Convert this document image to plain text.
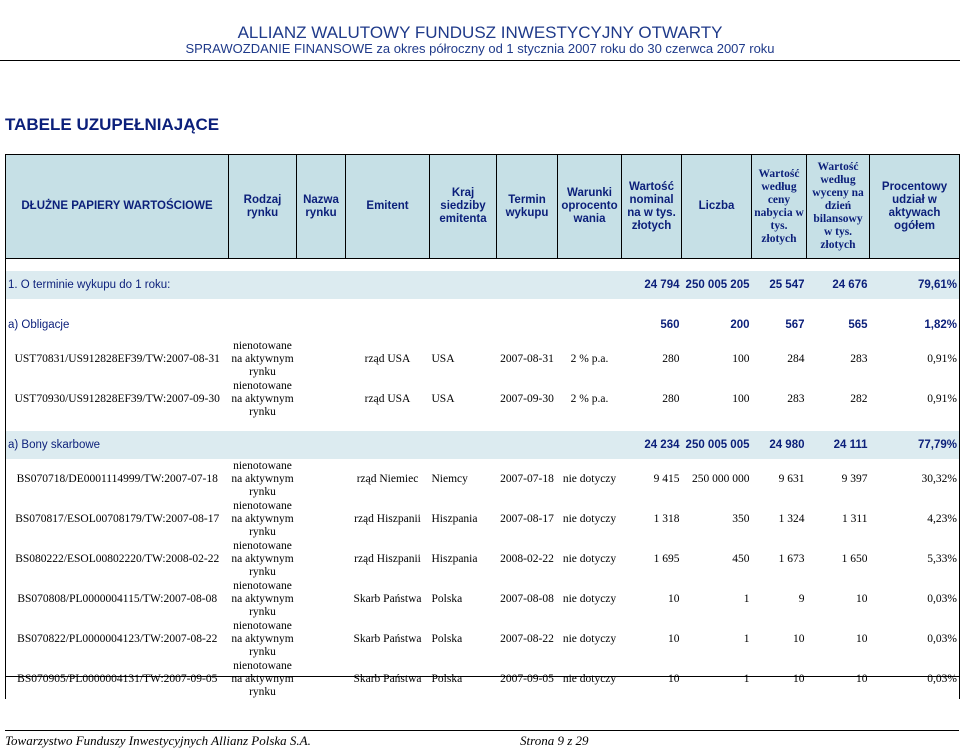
ALLIANZ WALUTOWY FUNDUSZ INWESTYCYJNY OTWARTY
SPRAWOZDANIE FINANSOWE za okres półroczny od 1 stycznia 2007 roku do 30 czerwca 2007 roku
TABELE UZUPEŁNIAJĄCE
DŁUŻNE PAPIERY WARTOŚCIOWE	Rodzaj rynku	Nazwa rynku	Emitent	Kraj siedziby emitenta	Termin wykupu	Warunki oprocento wania	Wartość nominal na w tys. złotych	Liczba	Wartość według ceny nabycia w tys. złotych	Wartość według wyceny na dzień bilansowy w tys. złotych	Procentowy udział w aktywach ogółem

1. O terminie wykupu do 1 roku:							24 794	250 005 205	25 547	24 676	79,61%

a) Obligacje							560	200	567	565	1,82%
UST70831/US912828EF39/TW:2007-08-31	nienotowane na aktywnym rynku		rząd USA	USA	2007-08-31	2 % p.a.	280	100	284	283	0,91%
UST70930/US912828EF39/TW:2007-09-30	nienotowane na aktywnym rynku		rząd USA	USA	2007-09-30	2 % p.a.	280	100	283	282	0,91%

a) Bony skarbowe							24 234	250 005 005	24 980	24 111	77,79%
BS070718/DE0001114999/TW:2007-07-18	nienotowane na aktywnym rynku		rząd Niemiec	Niemcy	2007-07-18	nie dotyczy	9 415	250 000 000	9 631	9 397	30,32%
BS070817/ESOL00708179/TW:2007-08-17	nienotowane na aktywnym rynku		rząd Hiszpanii	Hiszpania	2007-08-17	nie dotyczy	1 318	350	1 324	1 311	4,23%
BS080222/ESOL00802220/TW:2008-02-22	nienotowane na aktywnym rynku		rząd Hiszpanii	Hiszpania	2008-02-22	nie dotyczy	1 695	450	1 673	1 650	5,33%
BS070808/PL0000004115/TW:2007-08-08	nienotowane na aktywnym rynku		Skarb Państwa	Polska	2007-08-08	nie dotyczy	10	1	9	10	0,03%
BS070822/PL0000004123/TW:2007-08-22	nienotowane na aktywnym rynku		Skarb Państwa	Polska	2007-08-22	nie dotyczy	10	1	10	10	0,03%
BS070905/PL0000004131/TW:2007-09-05	nienotowane na aktywnym rynku		Skarb Państwa	Polska	2007-09-05	nie dotyczy	10	1	10	10	0,03%
Towarzystwo Funduszy Inwestycyjnych Allianz Polska S.A.	Strona 9 z 29
